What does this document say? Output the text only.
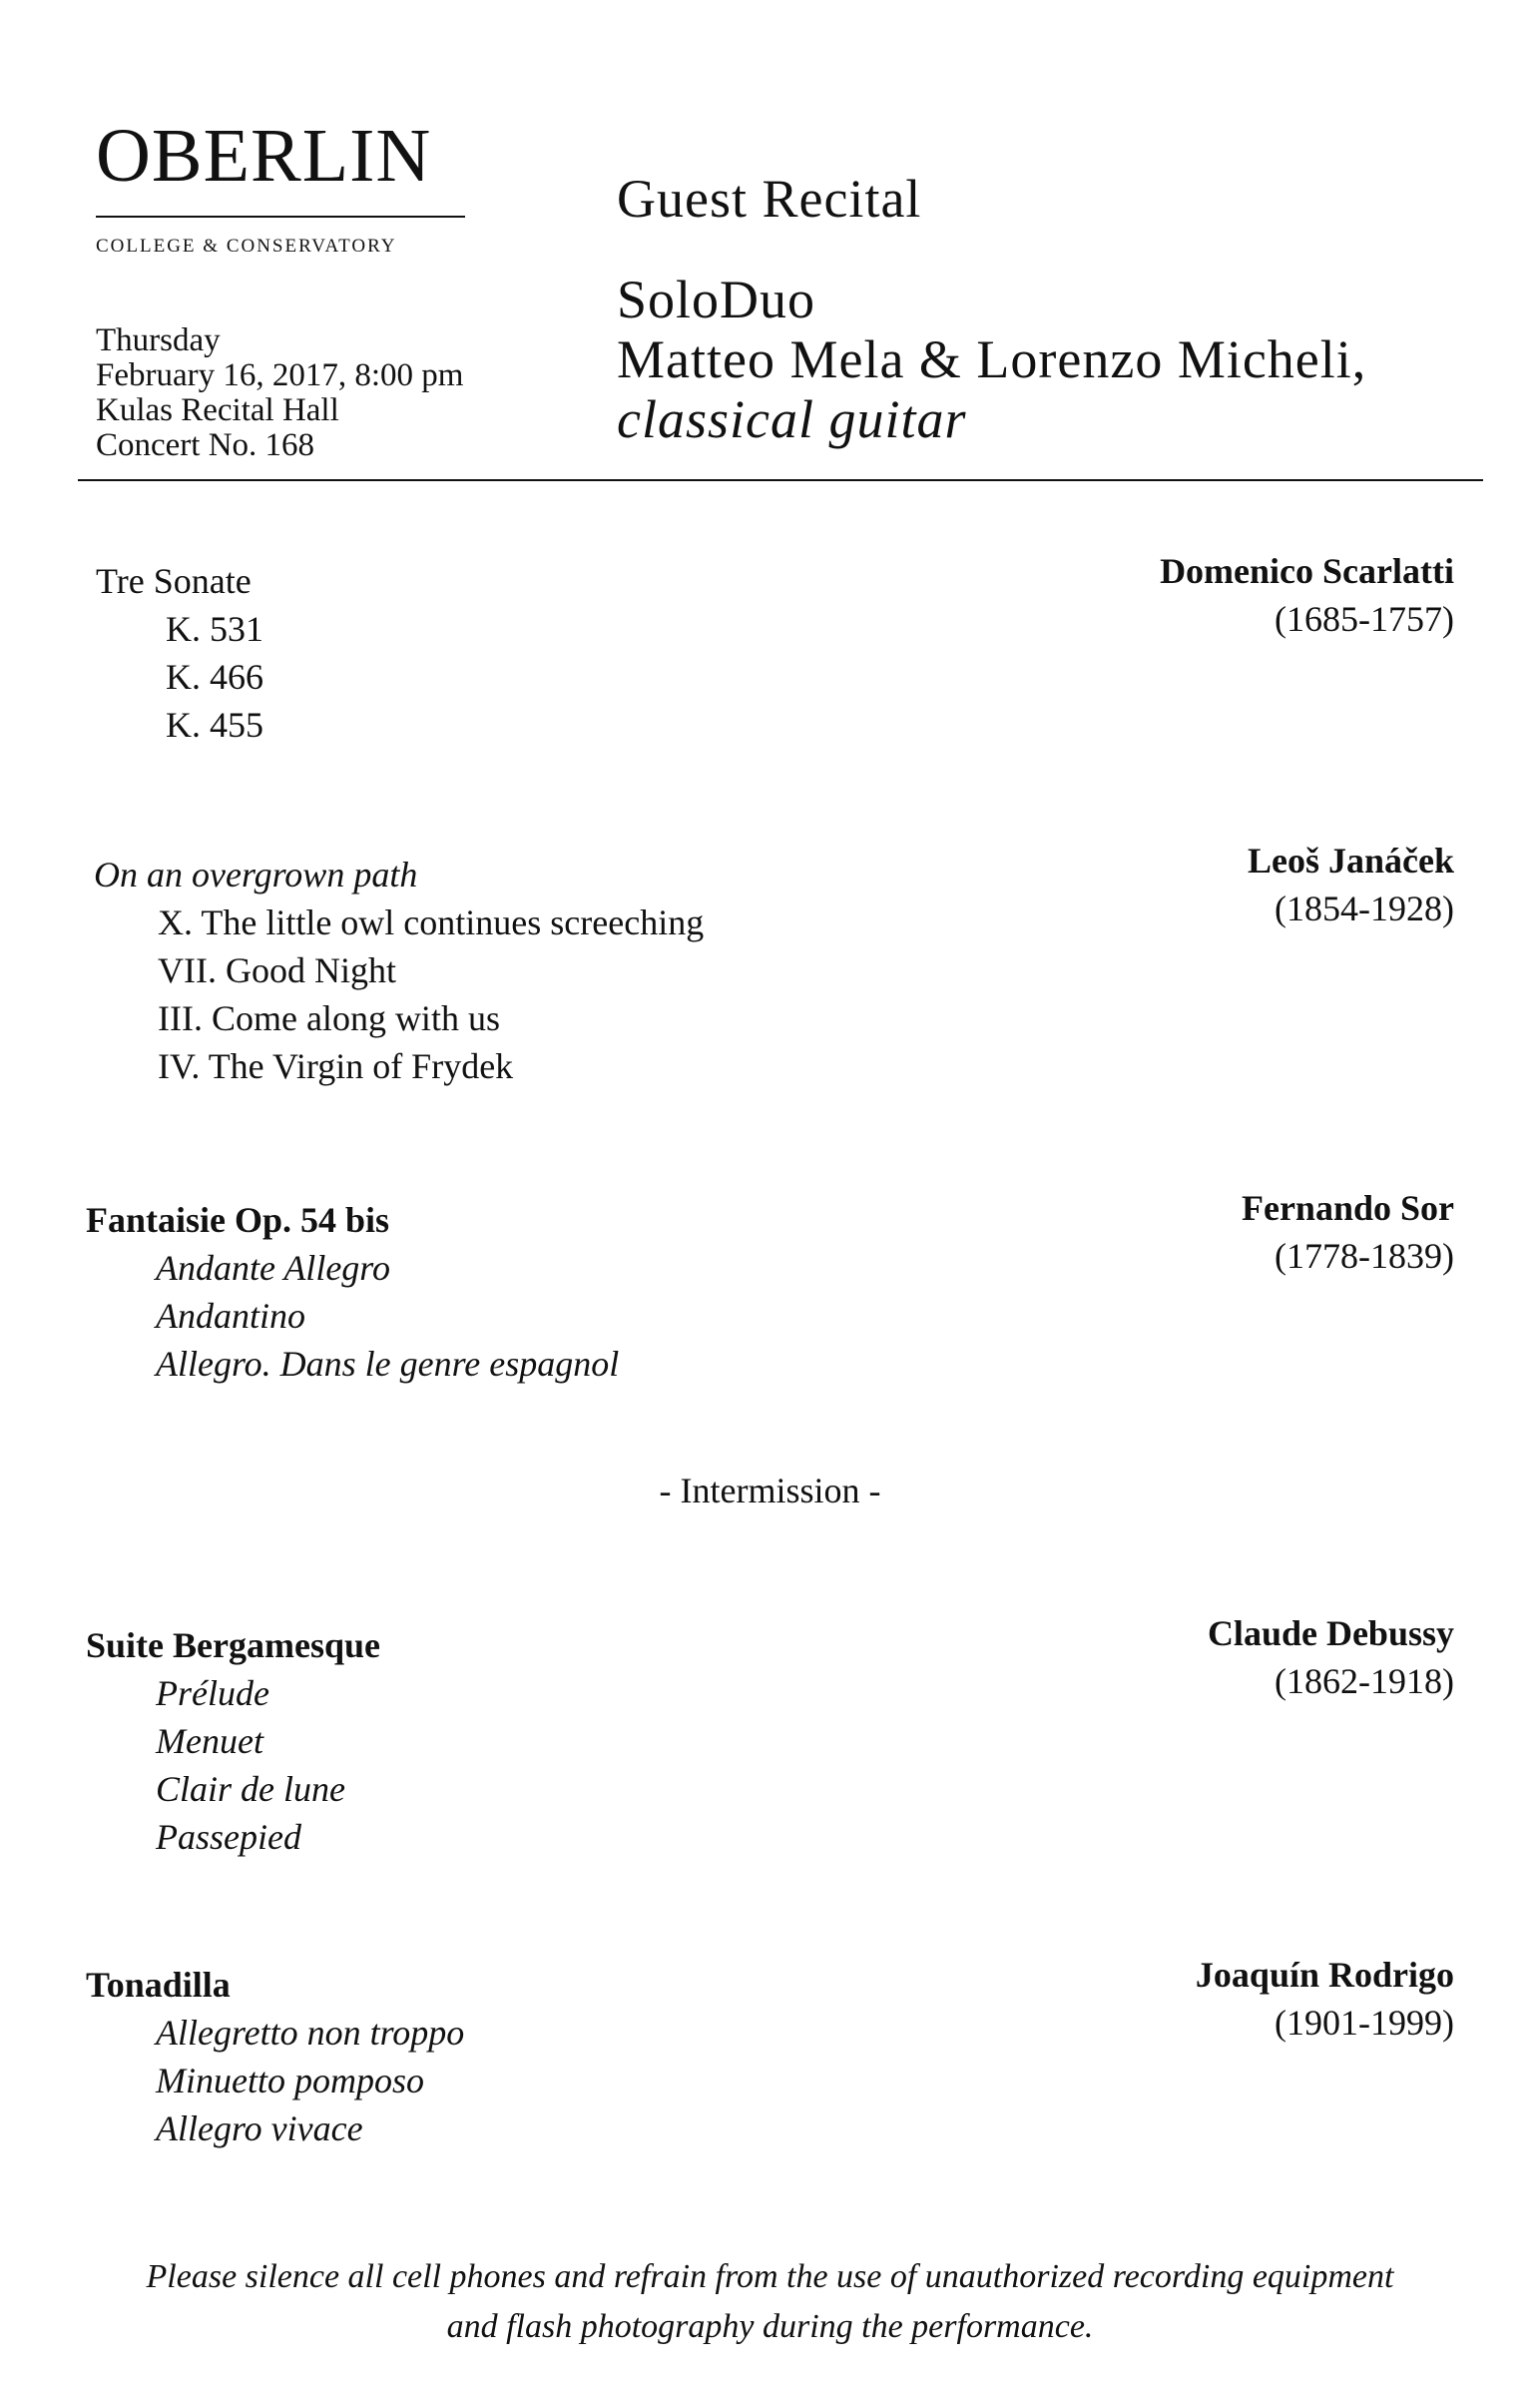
OBERLIN
COLLEGE & CONSERVATORY
Thursday
February 16, 2017, 8:00 pm
Kulas Recital Hall
Concert No. 168
Guest Recital
SoloDuo
Matteo Mela & Lorenzo Micheli,
classical guitar
Tre Sonate
K. 531
K. 466
K. 455
Domenico Scarlatti
(1685-1757)
On an overgrown path
X. The little owl continues screeching
VII. Good Night
III. Come along with us
IV. The Virgin of Frydek
Leoš Janáček
(1854-1928)
Fantaisie Op. 54 bis
Andante Allegro
Andantino
Allegro. Dans le genre espagnol
Fernando Sor
(1778-1839)
- Intermission -
Suite Bergamesque
Prélude
Menuet
Clair de lune
Passepied
Claude Debussy
(1862-1918)
Tonadilla
Allegretto non troppo
Minuetto pomposo
Allegro vivace
Joaquín Rodrigo
(1901-1999)
Please silence all cell phones and refrain from the use of unauthorized recording equipment
and flash photography during the performance.
